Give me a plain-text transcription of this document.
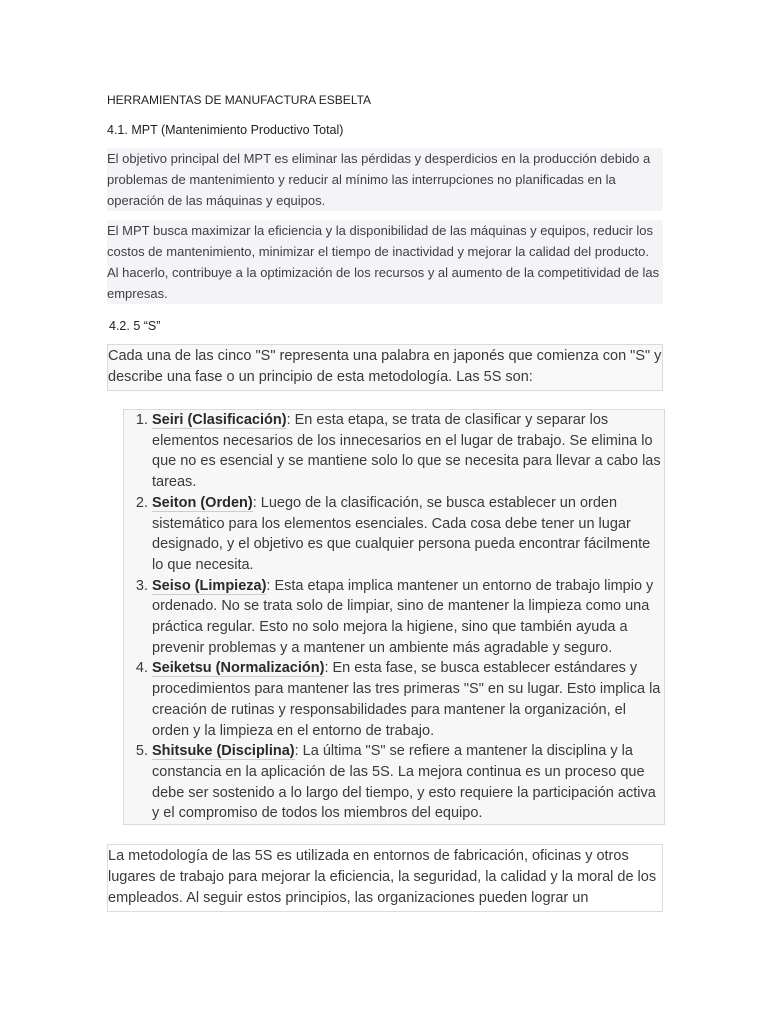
HERRAMIENTAS DE MANUFACTURA ESBELTA
4.1. MPT (Mantenimiento Productivo Total)

El objetivo principal del MPT es eliminar las pérdidas y desperdicios en la producción debido a problemas de mantenimiento y reducir al mínimo las interrupciones no planificadas en la operación de las máquinas y equipos.

El MPT busca maximizar la eficiencia y la disponibilidad de las máquinas y equipos, reducir los costos de mantenimiento, minimizar el tiempo de inactividad y mejorar la calidad del producto. Al hacerlo, contribuye a la optimización de los recursos y al aumento de la competitividad de las empresas.

4.2. 5 “S”
Cada una de las cinco "S" representa una palabra en japonés que comienza con "S" y describe una fase o un principio de esta metodología. Las 5S son:
1. Seiri (Clasificación): En esta etapa, se trata de clasificar y separar los elementos necesarios de los innecesarios en el lugar de trabajo. Se elimina lo que no es esencial y se mantiene solo lo que se necesita para llevar a cabo las tareas.
2. Seiton (Orden): Luego de la clasificación, se busca establecer un orden sistemático para los elementos esenciales. Cada cosa debe tener un lugar designado, y el objetivo es que cualquier persona pueda encontrar fácilmente lo que necesita.
3. Seiso (Limpieza): Esta etapa implica mantener un entorno de trabajo limpio y ordenado. No se trata solo de limpiar, sino de mantener la limpieza como una práctica regular. Esto no solo mejora la higiene, sino que también ayuda a prevenir problemas y a mantener un ambiente más agradable y seguro.
4. Seiketsu (Normalización): En esta fase, se busca establecer estándares y procedimientos para mantener las tres primeras "S" en su lugar. Esto implica la creación de rutinas y responsabilidades para mantener la organización, el orden y la limpieza en el entorno de trabajo.
5. Shitsuke (Disciplina): La última "S" se refiere a mantener la disciplina y la constancia en la aplicación de las 5S. La mejora continua es un proceso que debe ser sostenido a lo largo del tiempo, y esto requiere la participación activa y el compromiso de todos los miembros del equipo.
La metodología de las 5S es utilizada en entornos de fabricación, oficinas y otros lugares de trabajo para mejorar la eficiencia, la seguridad, la calidad y la moral de los empleados. Al seguir estos principios, las organizaciones pueden lograr un
